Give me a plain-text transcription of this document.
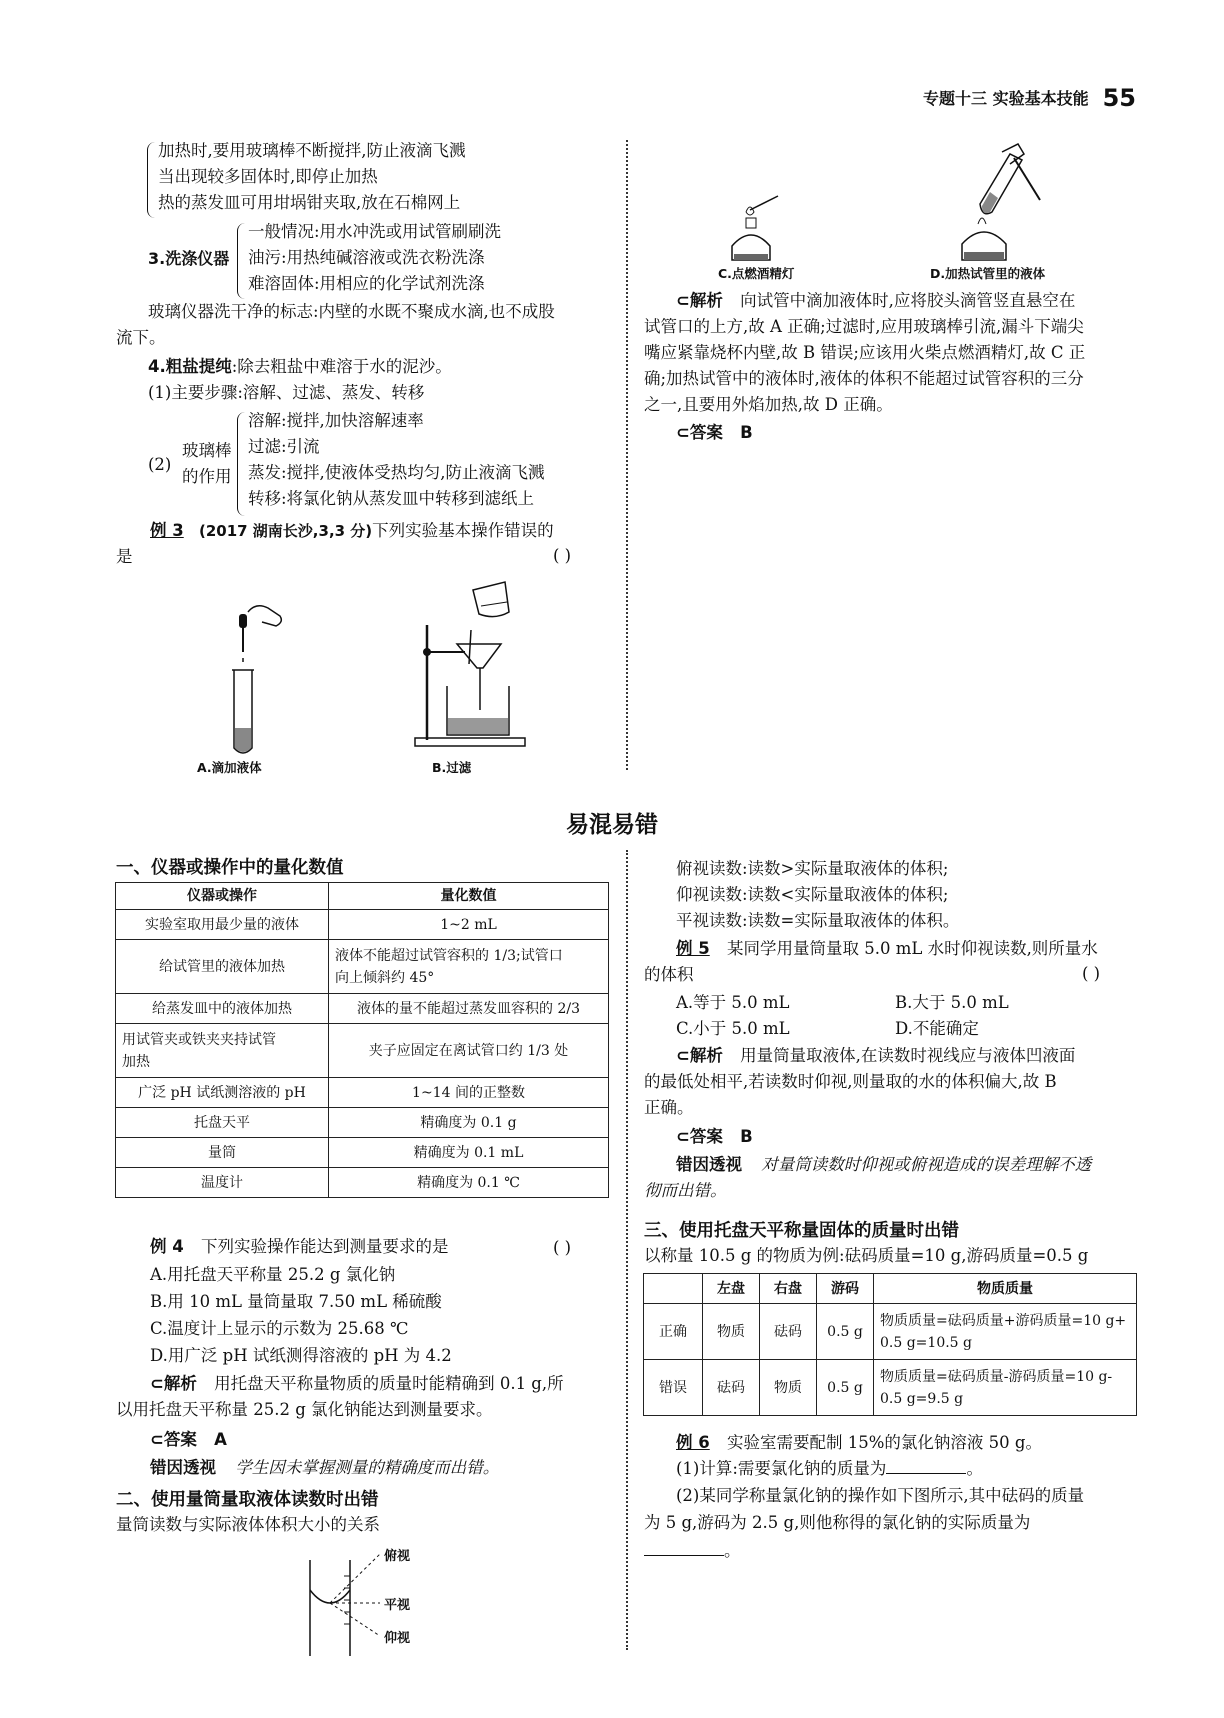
专题十三 实验基本技能 55
加热时,要用玻璃棒不断搅拌,防止液滴飞溅
当出现较多固体时,即停止加热
热的蒸发皿可用坩埚钳夹取,放在石棉网上
3.洗涤仪器
一般情况:用水冲洗或用试管刷刷洗
油污:用热纯碱溶液或洗衣粉洗涤
难溶固体:用相应的化学试剂洗涤
玻璃仪器洗干净的标志:内壁的水既不聚成水滴,也不成股
流下。
4.粗盐提纯:除去粗盐中难溶于水的泥沙。
(1)主要步骤:溶解、过滤、蒸发、转移
(2)
玻璃棒
的作用
溶解:搅拌,加快溶解速率
过滤:引流
蒸发:搅拌,使液体受热均匀,防止液滴飞溅
转移:将氯化钠从蒸发皿中转移到滤纸上
例 3 (2017 湖南长沙,3,3 分)下列实验基本操作错误的
是	( )
A.滴加液体	B.过滤
C.点燃酒精灯	D.加热试管里的液体
⊂解析 向试管中滴加液体时,应将胶头滴管竖直悬空在
试管口的上方,故 A 正确;过滤时,应用玻璃棒引流,漏斗下端尖
嘴应紧靠烧杯内壁,故 B 错误;应该用火柴点燃酒精灯,故 C 正
确;加热试管中的液体时,液体的体积不能超过试管容积的三分
之一,且要用外焰加热,故 D 正确。
⊂答案 B
易混易错
一、仪器或操作中的量化数值
仪器或操作	量化数值
实验室取用最少量的液体	1~2 mL
给试管里的液体加热	液体不能超过试管容积的 1/3;试管口
向上倾斜约 45°

给蒸发皿中的液体加热	液体的量不能超过蒸发皿容积的 2/3

用试管夹或铁夹夹持试管
加热	夹子应固定在离试管口约 1/3 处
广泛 pH 试纸测溶液的 pH	1~14 间的正整数
托盘天平	精确度为 0.1 g
量筒	精确度为 0.1 mL
温度计	精确度为 0.1 ℃
例 4 下列实验操作能达到测量要求的是	( )
A.用托盘天平称量 25.2 g 氯化钠
B.用 10 mL 量筒量取 7.50 mL 稀硫酸
C.温度计上显示的示数为 25.68 ℃
D.用广泛 pH 试纸测得溶液的 pH 为 4.2
⊂解析 用托盘天平称量物质的质量时能精确到 0.1 g,所
以用托盘天平称量 25.2 g 氯化钠能达到测量要求。
⊂答案 A
错因透视 学生因未掌握测量的精确度而出错。
二、使用量筒量取液体读数时出错
量筒读数与实际液体体积大小的关系
俯视
平视
仰视
俯视读数:读数>实际量取液体的体积;
仰视读数:读数<实际量取液体的体积;
平视读数:读数=实际量取液体的体积。
例 5 某同学用量筒量取 5.0 mL 水时仰视读数,则所量水
的体积	( )
A.等于 5.0 mL	B.大于 5.0 mL
C.小于 5.0 mL	D.不能确定
⊂解析 用量筒量取液体,在读数时视线应与液体凹液面
的最低处相平,若读数时仰视,则量取的水的体积偏大,故 B
正确。
⊂答案 B
错因透视 对量筒读数时仰视或俯视造成的误差理解不透
彻而出错。
三、使用托盘天平称量固体的质量时出错
以称量 10.5 g 的物质为例:砝码质量=10 g,游码质量=0.5 g
	左盘	右盘	游码	物质质量
正确	物质	砝码	0.5 g	物质质量=砝码质量+游码质量=10 g+
0.5 g=10.5 g

错误	砝码	物质	0.5 g	物质质量=砝码质量-游码质量=10 g-
0.5 g=9.5 g
例 6 实验室需要配制 15%的氯化钠溶液 50 g。
(1)计算:需要氯化钠的质量为	。
(2)某同学称量氯化钠的操作如下图所示,其中砝码的质量
为 5 g,游码为 2.5 g,则他称得的氯化钠的实际质量为
。
